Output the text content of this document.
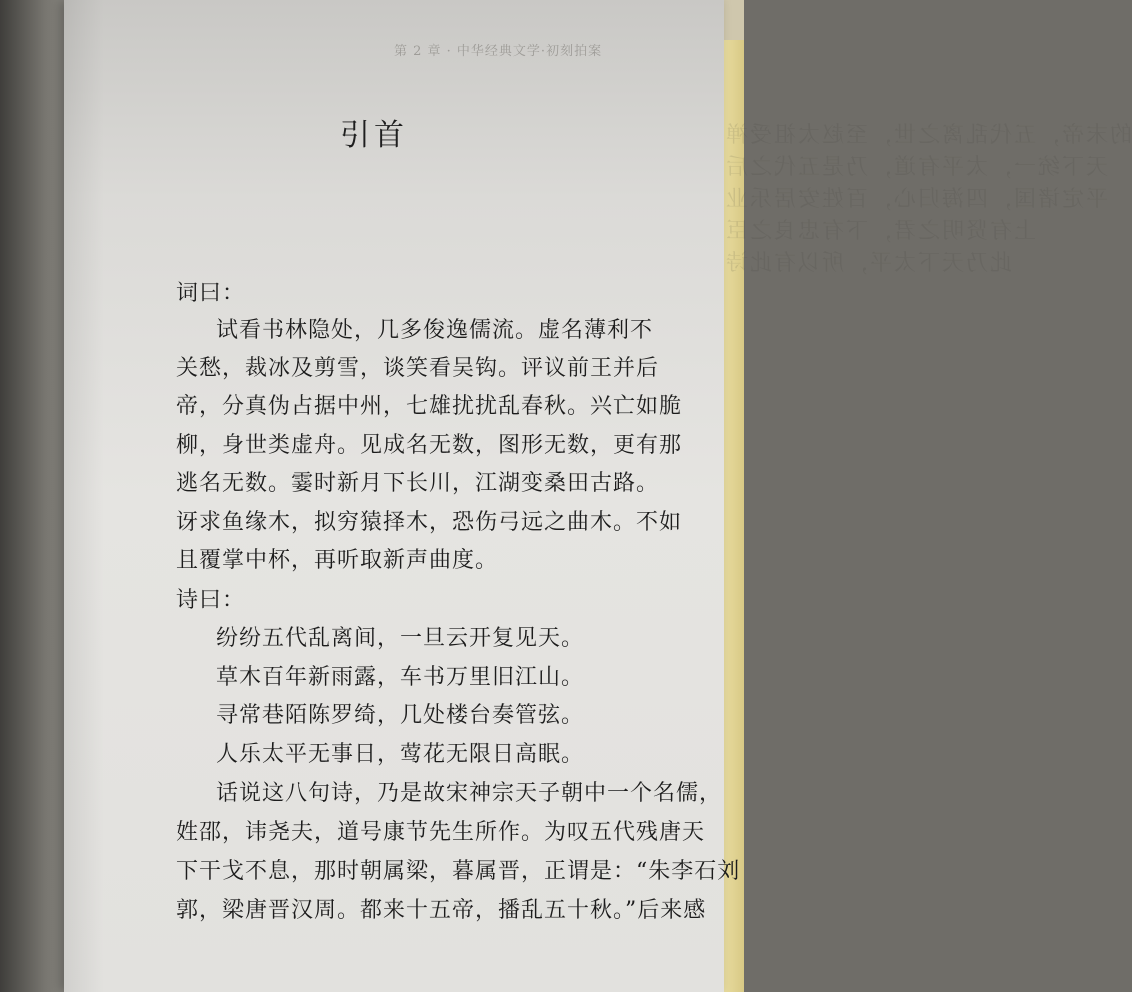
的末帝，五代乱离之世，至赵太祖受禅
天下统一，太平有道，乃是五代之后
平定诸国，四海归心，百姓安居乐业
上有贤明之君，下有忠良之臣
此乃天下太平，所以有此诗
第 2 章 · 中华经典文学·初刻拍案
引首
词曰：
试看书林隐处，几多俊逸儒流。虚名薄利不
关愁，裁冰及剪雪，谈笑看吴钩。评议前王并后
帝，分真伪占据中州，七雄扰扰乱春秋。兴亡如脆
柳，身世类虚舟。见成名无数，图形无数，更有那
逃名无数。霎时新月下长川，江湖变桑田古路。
讶求鱼缘木，拟穷猿择木，恐伤弓远之曲木。不如
且覆掌中杯，再听取新声曲度。
诗曰：
纷纷五代乱离间，一旦云开复见天。
草木百年新雨露，车书万里旧江山。
寻常巷陌陈罗绮，几处楼台奏管弦。
人乐太平无事日，莺花无限日高眠。
话说这八句诗，乃是故宋神宗天子朝中一个名儒，
姓邵，讳尧夫，道号康节先生所作。为叹五代残唐天
下干戈不息，那时朝属梁，暮属晋，正谓是：“朱李石刘
郭，梁唐晋汉周。都来十五帝，播乱五十秋。”后来感
